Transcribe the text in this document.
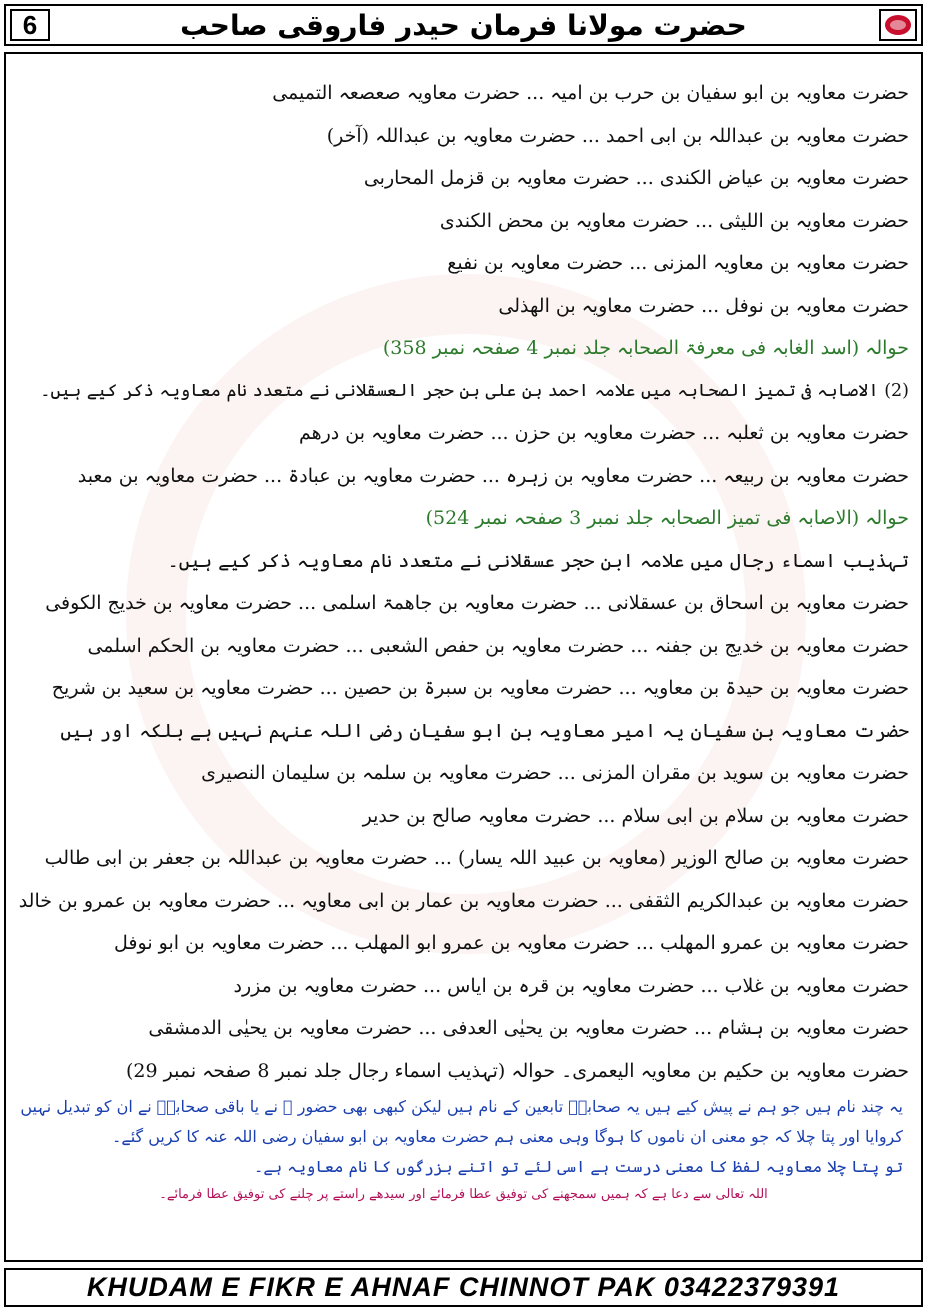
6	حضرت مولانا فرمان حیدر فاروقی صاحب
حضرت معاویہ بن ابو سفیان بن حرب بن امیہ ... حضرت معاویہ صعصعہ التمیمی
حضرت معاویہ بن عبداللہ بن ابی احمد ... حضرت معاویہ بن عبداللہ (آخر)
حضرت معاویہ بن عیاض الکندی ... حضرت معاویہ بن قزمل المحاربی
حضرت معاویہ بن اللیثی ... حضرت معاویہ بن محض الکندی
حضرت معاویہ بن معاویہ المزنی ... حضرت معاویہ بن نفیع
حضرت معاویہ بن نوفل ... حضرت معاویہ بن الھذلی
حوالہ (اسد الغابہ فی معرفۃ الصحابہ جلد نمبر 4 صفحہ نمبر 358)
(2) الاصابہ فی تمیز الصحابہ میں علامہ احمد بن علی بن حجر العسقلانی نے متعدد نام معاویہ ذکر کیے ہیں۔
حضرت معاویہ بن ثعلبہ ... حضرت معاویہ بن حزن ... حضرت معاویہ بن درھم
حضرت معاویہ بن ربیعہ ... حضرت معاویہ بن زہرہ ... حضرت معاویہ بن عبادۃ ... حضرت معاویہ بن معبد
حوالہ (الاصابہ فی تمیز الصحابہ جلد نمبر 3 صفحہ نمبر 524)
تہذیب اسماء رجال میں علامہ ابن حجر عسقلانی نے متعدد نام معاویہ ذکر کیے ہیں۔
حضرت معاویہ بن اسحاق بن عسقلانی ... حضرت معاویہ بن جاھمۃ اسلمی ... حضرت معاویہ بن خدیج الکوفی
حضرت معاویہ بن خدیج بن جفنہ ... حضرت معاویہ بن حفص الشعبی ... حضرت معاویہ بن الحکم اسلمی
حضرت معاویہ بن حیدۃ بن معاویہ ... حضرت معاویہ بن سبرۃ بن حصین ... حضرت معاویہ بن سعید بن شریح
حضرت معاویہ بن سفیان یہ امیر معاویہ بن ابو سفیان رضی اللہ عنہم نہیں ہے بلکہ اور ہیں
حضرت معاویہ بن سوید بن مقران المزنی ... حضرت معاویہ بن سلمہ بن سلیمان النصیری
حضرت معاویہ بن سلام بن ابی سلام ... حضرت معاویہ صالح بن حدیر
حضرت معاویہ بن صالح الوزیر (معاویہ بن عبید اللہ یسار) ... حضرت معاویہ بن عبداللہ بن جعفر بن ابی طالب
حضرت معاویہ بن عبدالکریم الثقفی ... حضرت معاویہ بن عمار بن ابی معاویہ ... حضرت معاویہ بن عمرو بن خالد
حضرت معاویہ بن عمرو المھلب ... حضرت معاویہ بن عمرو ابو المھلب ... حضرت معاویہ بن ابو نوفل
حضرت معاویہ بن غلاب ... حضرت معاویہ بن قرہ بن ایاس ... حضرت معاویہ بن مزرد
حضرت معاویہ بن ہشام ... حضرت معاویہ بن یحیٰی العدفی ... حضرت معاویہ بن یحیٰی الدمشقی
حضرت معاویہ بن حکیم بن معاویہ الیعمری۔ حوالہ (تہذیب اسماء رجال جلد نمبر 8 صفحہ نمبر 29)
یہ چند نام ہیں جو ہم نے پیش کیے ہیں یہ صحابہؓ تابعین کے نام ہیں لیکن کبھی بھی حضور ﷺ نے یا باقی صحابہؓ نے ان کو تبدیل نہیں کروایا اور پتا چلا کہ جو معنی ان ناموں کا ہوگا وہی معنی ہم حضرت معاویہ بن ابو سفیان رضی اللہ عنہ کا کریں گئے۔
تو پتا چلا معاویہ لفظ کا معنی درست ہے اسی لئے تو اتنے بزرگوں کا نام معاویہ ہے۔
اللہ تعالی سے دعا ہے کہ ہمیں سمجھنے کی توفیق عطا فرمائے اور سیدھے راستے پر چلنے کی توفیق عطا فرمائے۔
KHUDAM E FIKR E AHNAF CHINNOT PAK 03422379391
